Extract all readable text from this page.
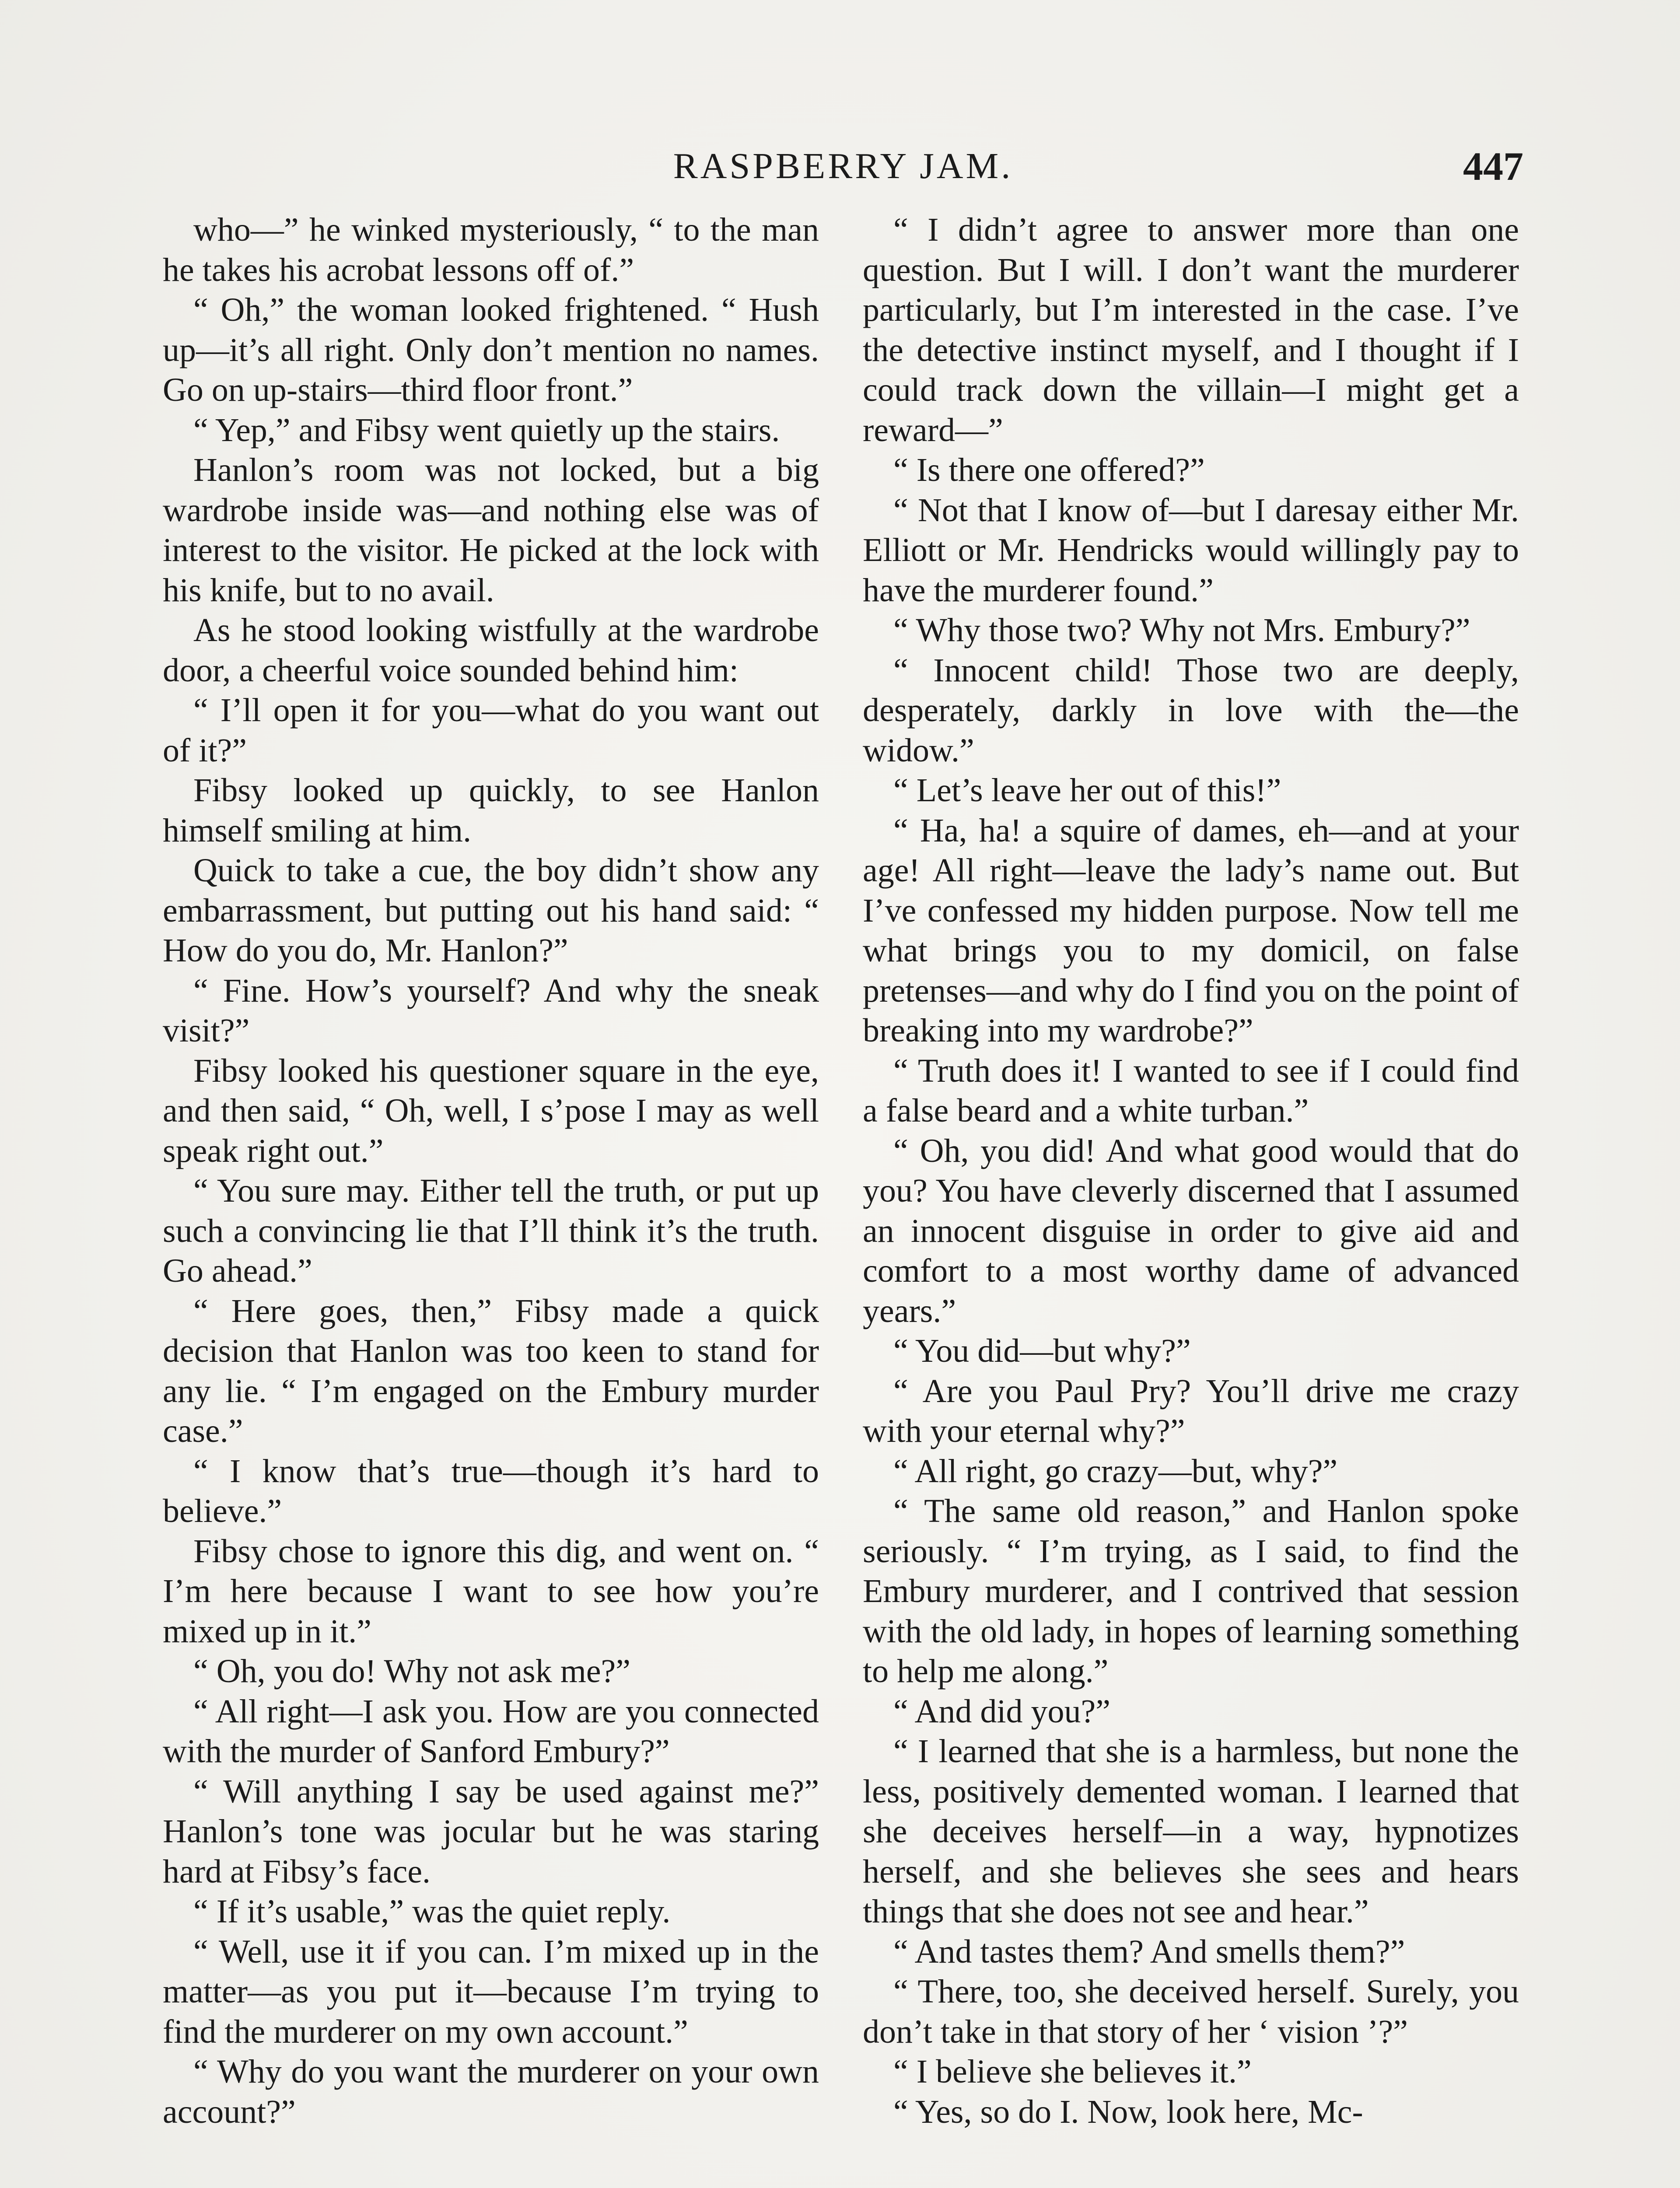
RASPBERRY JAM.	447

who—” he winked mysteriously, “ to the man he takes his acrobat lessons off of.”

“ Oh,” the woman looked frightened. “ Hush up—it’s all right. Only don’t mention no names. Go on up-stairs—third floor front.”

“ Yep,” and Fibsy went quietly up the stairs.

Hanlon’s room was not locked, but a big wardrobe inside was—and nothing else was of interest to the visitor. He picked at the lock with his knife, but to no avail.

As he stood looking wistfully at the wardrobe door, a cheerful voice sounded behind him:

“ I’ll open it for you—what do you want out of it?”

Fibsy looked up quickly, to see Hanlon himself smiling at him.

Quick to take a cue, the boy didn’t show any embarrassment, but putting out his hand said: “ How do you do, Mr. Hanlon?”

“ Fine. How’s yourself? And why the sneak visit?”

Fibsy looked his questioner square in the eye, and then said, “ Oh, well, I s’pose I may as well speak right out.”

“ You sure may. Either tell the truth, or put up such a convincing lie that I’ll think it’s the truth. Go ahead.”

“ Here goes, then,” Fibsy made a quick decision that Hanlon was too keen to stand for any lie. “ I’m engaged on the Embury murder case.”

“ I know that’s true—though it’s hard to believe.”

Fibsy chose to ignore this dig, and went on. “ I’m here because I want to see how you’re mixed up in it.”

“ Oh, you do! Why not ask me?”

“ All right—I ask you. How are you connected with the murder of Sanford Embury?”

“ Will anything I say be used against me?” Hanlon’s tone was jocular but he was staring hard at Fibsy’s face.

“ If it’s usable,” was the quiet reply.

“ Well, use it if you can. I’m mixed up in the matter—as you put it—because I’m trying to find the murderer on my own account.”

“ Why do you want the murderer on your own account?”

“ I didn’t agree to answer more than one question. But I will. I don’t want the murderer particularly, but I’m interested in the case. I’ve the detective instinct myself, and I thought if I could track down the villain—I might get a reward—”

“ Is there one offered?”

“ Not that I know of—but I daresay either Mr. Elliott or Mr. Hendricks would willingly pay to have the murderer found.”

“ Why those two? Why not Mrs. Embury?”

“ Innocent child! Those two are deeply, desperately, darkly in love with the—the widow.”

“ Let’s leave her out of this!”

“ Ha, ha! a squire of dames, eh—and at your age! All right—leave the lady’s name out. But I’ve confessed my hidden purpose. Now tell me what brings you to my domicil, on false pretenses—and why do I find you on the point of breaking into my wardrobe?”

“ Truth does it! I wanted to see if I could find a false beard and a white turban.”

“ Oh, you did! And what good would that do you? You have cleverly discerned that I assumed an innocent disguise in order to give aid and comfort to a most worthy dame of advanced years.”

“ You did—but why?”

“ Are you Paul Pry? You’ll drive me crazy with your eternal why?”

“ All right, go crazy—but, why?”

“ The same old reason,” and Hanlon spoke seriously. “ I’m trying, as I said, to find the Embury murderer, and I contrived that session with the old lady, in hopes of learning something to help me along.”

“ And did you?”

“ I learned that she is a harmless, but none the less, positively demented woman. I learned that she deceives herself—in a way, hypnotizes herself, and she believes she sees and hears things that she does not see and hear.”

“ And tastes them? And smells them?”

“ There, too, she deceived herself. Surely, you don’t take in that story of her ‘ vision ’?”

“ I believe she believes it.”

“ Yes, so do I. Now, look here, Mc-
